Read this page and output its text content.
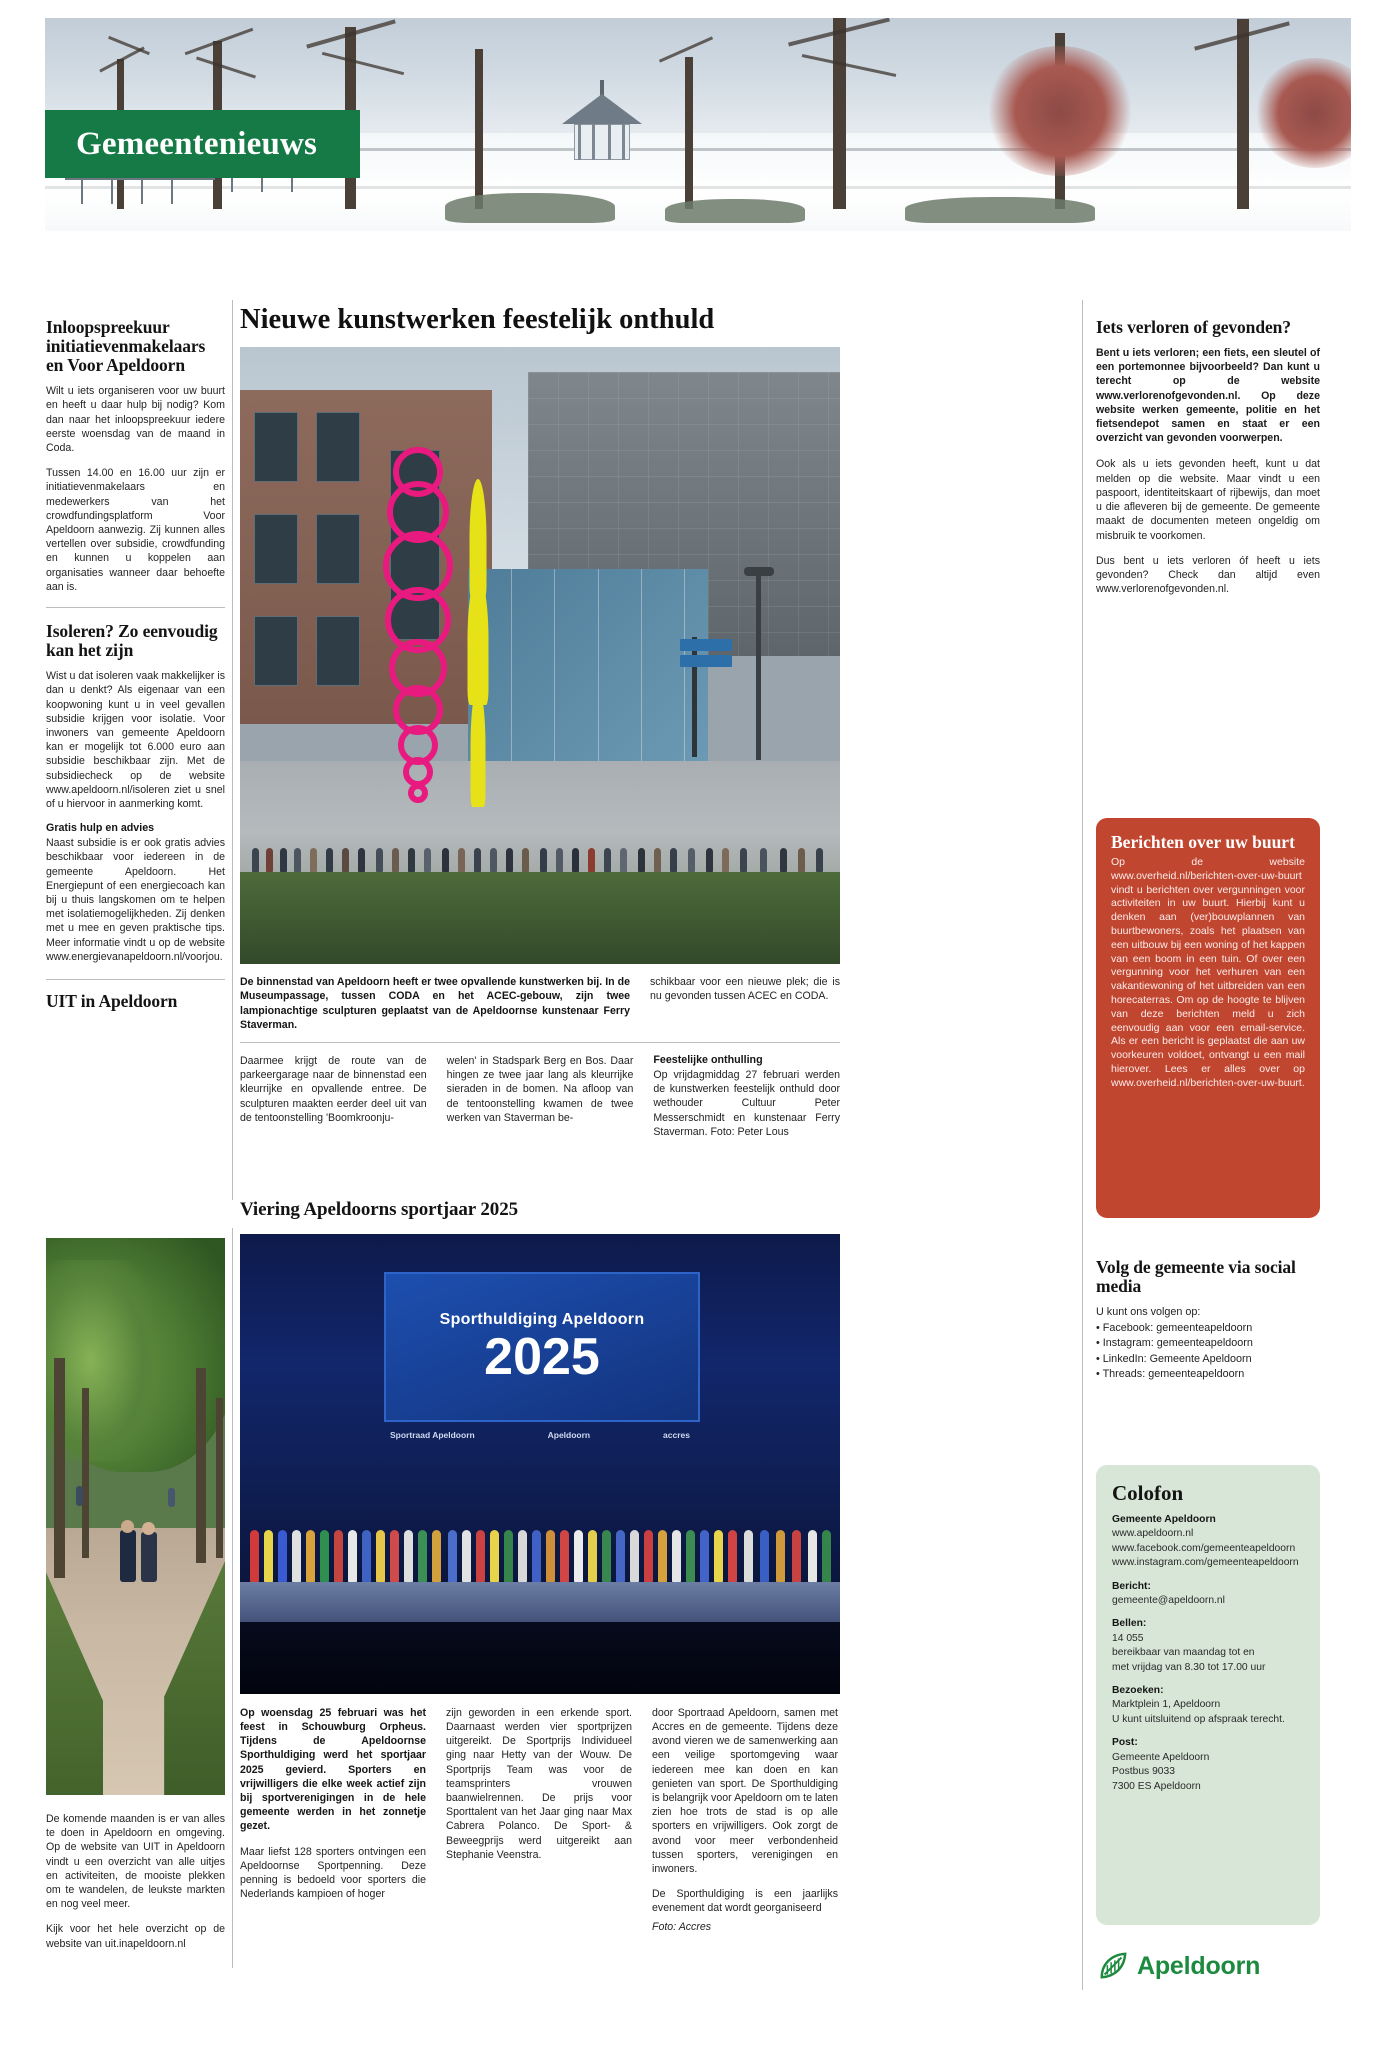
Gemeentenieuws
Inloopspreekuur initiatievenmakelaars en Voor Apeldoorn

Wilt u iets organiseren voor uw buurt en heeft u daar hulp bij nodig? Kom dan naar het inloopspreekuur iedere eerste woensdag van de maand in Coda.

Tussen 14.00 en 16.00 uur zijn er initiatievenmakelaars en medewerkers van het crowdfundingsplatform Voor Apeldoorn aanwezig. Zij kunnen alles vertellen over subsidie, crowdfunding en kunnen u koppelen aan organisaties wanneer daar behoefte aan is.

Isoleren? Zo eenvoudig kan het zijn

Wist u dat isoleren vaak makkelijker is dan u denkt? Als eigenaar van een koopwoning kunt u in veel gevallen subsidie krijgen voor isolatie. Voor inwoners van gemeente Apeldoorn kan er mogelijk tot 6.000 euro aan subsidie beschikbaar zijn. Met de subsidiecheck op de website www.apeldoorn.nl/isoleren ziet u snel of u hiervoor in aanmerking komt.

Gratis hulp en advies

Naast subsidie is er ook gratis advies beschikbaar voor iedereen in de gemeente Apeldoorn. Het Energiepunt of een energiecoach kan bij u thuis langskomen om te helpen met isolatiemogelijkheden. Zij denken met u mee en geven praktische tips. Meer informatie vindt u op de website www.energievanapeldoorn.nl/voorjou.

UIT in Apeldoorn

De komende maanden is er van alles te doen in Apeldoorn en omgeving. Op de website van UIT in Apeldoorn vindt u een overzicht van alle uitjes en activiteiten, de mooiste plekken om te wandelen, de leukste markten en nog veel meer.

Kijk voor het hele overzicht op de website van uit.inapeldoorn.nl

Nieuwe kunstwerken feestelijk onthuld
De binnenstad van Apeldoorn heeft er twee opvallende kunstwerken bij. In de Museumpassage, tussen CODA en het ACEC-gebouw, zijn twee lampionachtige sculpturen geplaatst van de Apeldoornse kunstenaar Ferry Staverman.
schikbaar voor een nieuwe plek; die is nu gevonden tussen ACEC en CODA.
Daarmee krijgt de route van de parkeergarage naar de binnenstad een kleurrijke en opvallende entree. De sculpturen maakten eerder deel uit van de tentoonstelling 'Boomkroonju-
welen' in Stadspark Berg en Bos. Daar hingen ze twee jaar lang als kleurrijke sieraden in de bomen. Na afloop van de tentoonstelling kwamen de twee werken van Staverman be-
Feestelijke onthulling
Op vrijdagmiddag 27 februari werden de kunstwerken feestelijk onthuld door wethouder Cultuur Peter Messerschmidt en kunstenaar Ferry Staverman. Foto: Peter Lous
Viering Apeldoorns sportjaar 2025
Sporthuldiging Apeldoorn
2025
Sportraad Apeldoorn	Apeldoorn	accres
Op woensdag 25 februari was het feest in Schouwburg Orpheus. Tijdens de Apeldoornse Sporthuldiging werd het sportjaar 2025 gevierd. Sporters en vrijwilligers die elke week actief zijn bij sportverenigingen in de hele gemeente werden in het zonnetje gezet.
Maar liefst 128 sporters ontvingen een Apeldoornse Sportpenning. Deze penning is bedoeld voor sporters die Nederlands kampioen of hoger
zijn geworden in een erkende sport. Daarnaast werden vier sportprijzen uitgereikt. De Sportprijs Individueel ging naar Hetty van der Wouw. De Sportprijs Team was voor de teamsprinters vrouwen baanwielrennen. De prijs voor Sporttalent van het Jaar ging naar Max Cabrera Polanco. De Sport- & Beweegprijs werd uitgereikt aan Stephanie Veenstra.
door Sportraad Apeldoorn, samen met Accres en de gemeente. Tijdens deze avond vieren we de samenwerking aan een veilige sportomgeving waar iedereen mee kan doen en kan genieten van sport. De Sporthuldiging is belangrijk voor Apeldoorn om te laten zien hoe trots de stad is op alle sporters en vrijwilligers. Ook zorgt de avond voor meer verbondenheid tussen sporters, verenigingen en inwoners.
De Sporthuldiging is een jaarlijks evenement dat wordt georganiseerd
Foto: Accres
Iets verloren of gevonden?
Bent u iets verloren; een fiets, een sleutel of een portemonnee bijvoorbeeld? Dan kunt u terecht op de website www.verlorenofgevonden.nl. Op deze website werken gemeente, politie en het fietsendepot samen en staat er een overzicht van gevonden voorwerpen.

Ook als u iets gevonden heeft, kunt u dat melden op die website. Maar vindt u een paspoort, identiteitskaart of rijbewijs, dan moet u die afleveren bij de gemeente. De gemeente maakt de documenten meteen ongeldig om misbruik te voorkomen.

Dus bent u iets verloren óf heeft u iets gevonden? Check dan altijd even www.verlorenofgevonden.nl.

Berichten over uw buurt
Op de website www.overheid.nl/berichten-over-uw-buurt vindt u berichten over vergunningen voor activiteiten in uw buurt. Hierbij kunt u denken aan (ver)bouwplannen van buurtbewoners, zoals het plaatsen van een uitbouw bij een woning of het kappen van een boom in een tuin. Of over een vergunning voor het verhuren van een vakantiewoning of het uitbreiden van een horecaterras. Om op de hoogte te blijven van deze berichten meld u zich eenvoudig aan voor een email-service. Als er een bericht is geplaatst die aan uw voorkeuren voldoet, ontvangt u een mail hierover. Lees er alles over op www.overheid.nl/berichten-over-uw-buurt.
Volg de gemeente via social media
U kunt ons volgen op:
• Facebook: gemeenteapeldoorn
• Instagram: gemeenteapeldoorn
• LinkedIn: Gemeente Apeldoorn
• Threads: gemeenteapeldoorn
Colofon
Gemeente Apeldoorn
www.apeldoorn.nl
www.facebook.com/gemeenteapeldoorn
www.instagram.com/gemeenteapeldoorn
Bericht:
gemeente@apeldoorn.nl
Bellen:
14 055
bereikbaar van maandag tot en
met vrijdag van 8.30 tot 17.00 uur
Bezoeken:
Marktplein 1, Apeldoorn
U kunt uitsluitend op afspraak terecht.
Post:
Gemeente Apeldoorn
Postbus 9033
7300 ES Apeldoorn
Apeldoorn
